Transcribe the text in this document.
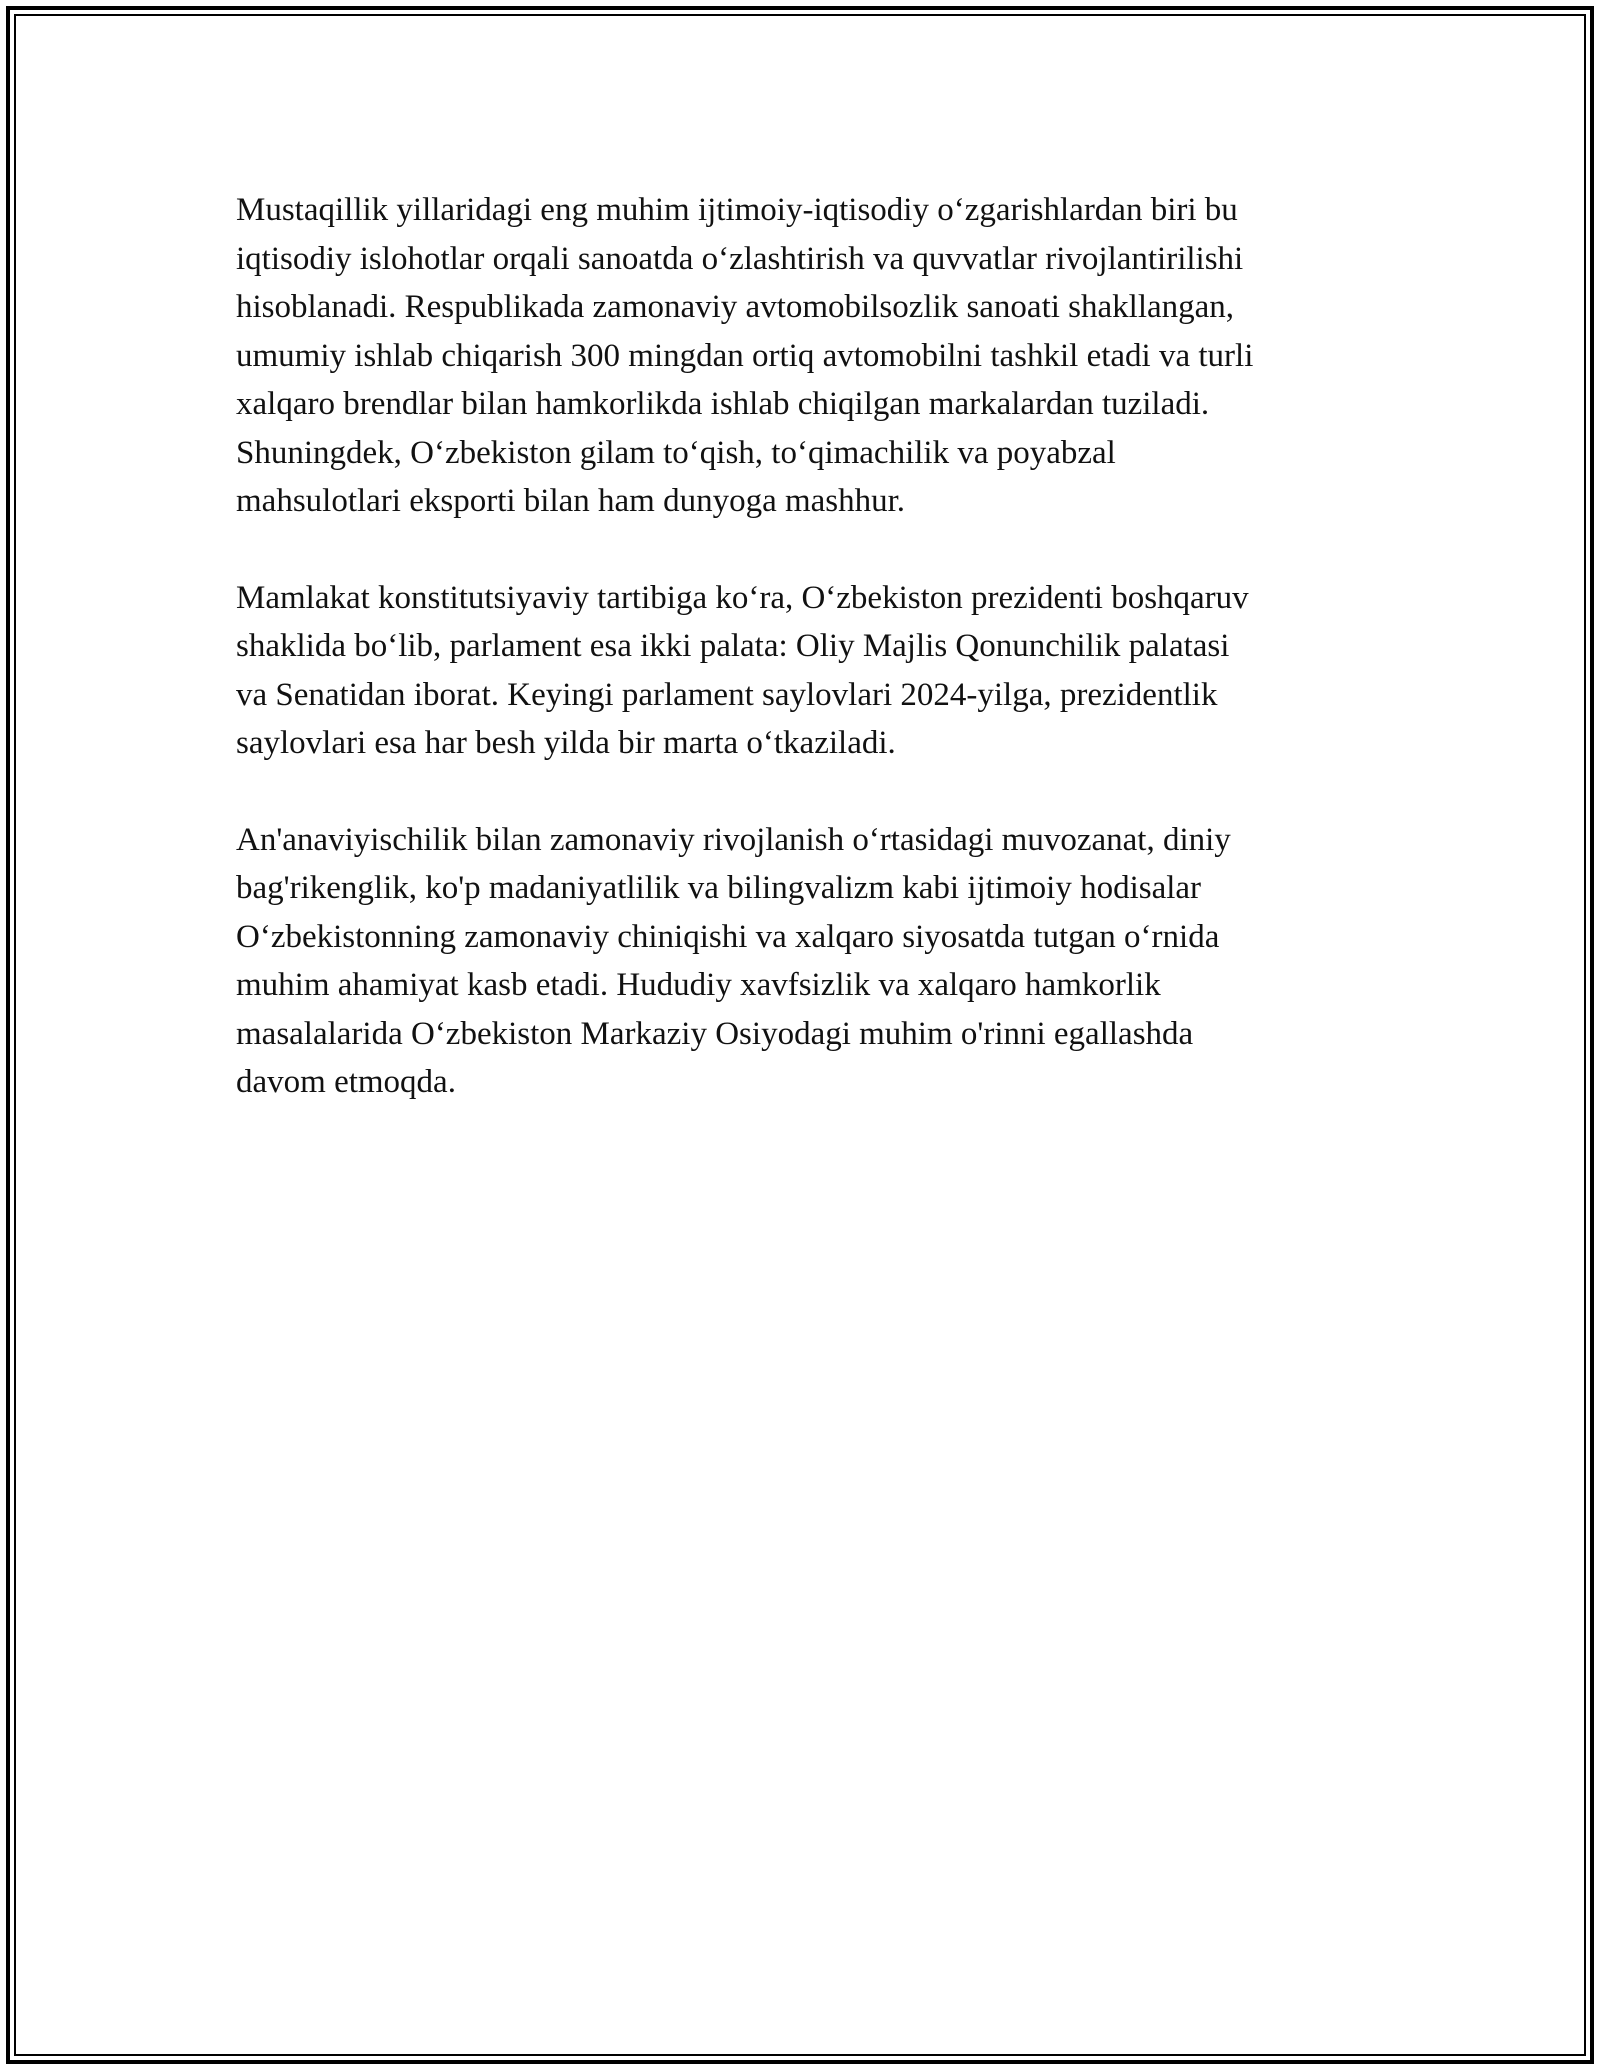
Mustaqillik yillaridagi eng muhim ijtimoiy-iqtisodiy oʻzgarishlardan biri bu
iqtisodiy islohotlar orqali sanoatda oʻzlashtirish va quvvatlar rivojlantirilishi
hisoblanadi. Respublikada zamonaviy avtomobilsozlik sanoati shakllangan,
umumiy ishlab chiqarish 300 mingdan ortiq avtomobilni tashkil etadi va turli
xalqaro brendlar bilan hamkorlikda ishlab chiqilgan markalardan tuziladi.
Shuningdek, Oʻzbekiston gilam toʻqish, toʻqimachilik va poyabzal
mahsulotlari eksporti bilan ham dunyoga mashhur.

Mamlakat konstitutsiyaviy tartibiga koʻra, Oʻzbekiston prezidenti boshqaruv
shaklida boʻlib, parlament esa ikki palata: Oliy Majlis Qonunchilik palatasi
va Senatidan iborat. Keyingi parlament saylovlari 2024-yilga, prezidentlik
saylovlari esa har besh yilda bir marta oʻtkaziladi.

An'anaviyischilik bilan zamonaviy rivojlanish oʻrtasidagi muvozanat, diniy
bag'rikenglik, ko'p madaniyatlilik va bilingvalizm kabi ijtimoiy hodisalar
Oʻzbekistonning zamonaviy chiniqishi va xalqaro siyosatda tutgan oʻrnida
muhim ahamiyat kasb etadi. Hududiy xavfsizlik va xalqaro hamkorlik
masalalarida Oʻzbekiston Markaziy Osiyodagi muhim o'rinni egallashda
davom etmoqda.
